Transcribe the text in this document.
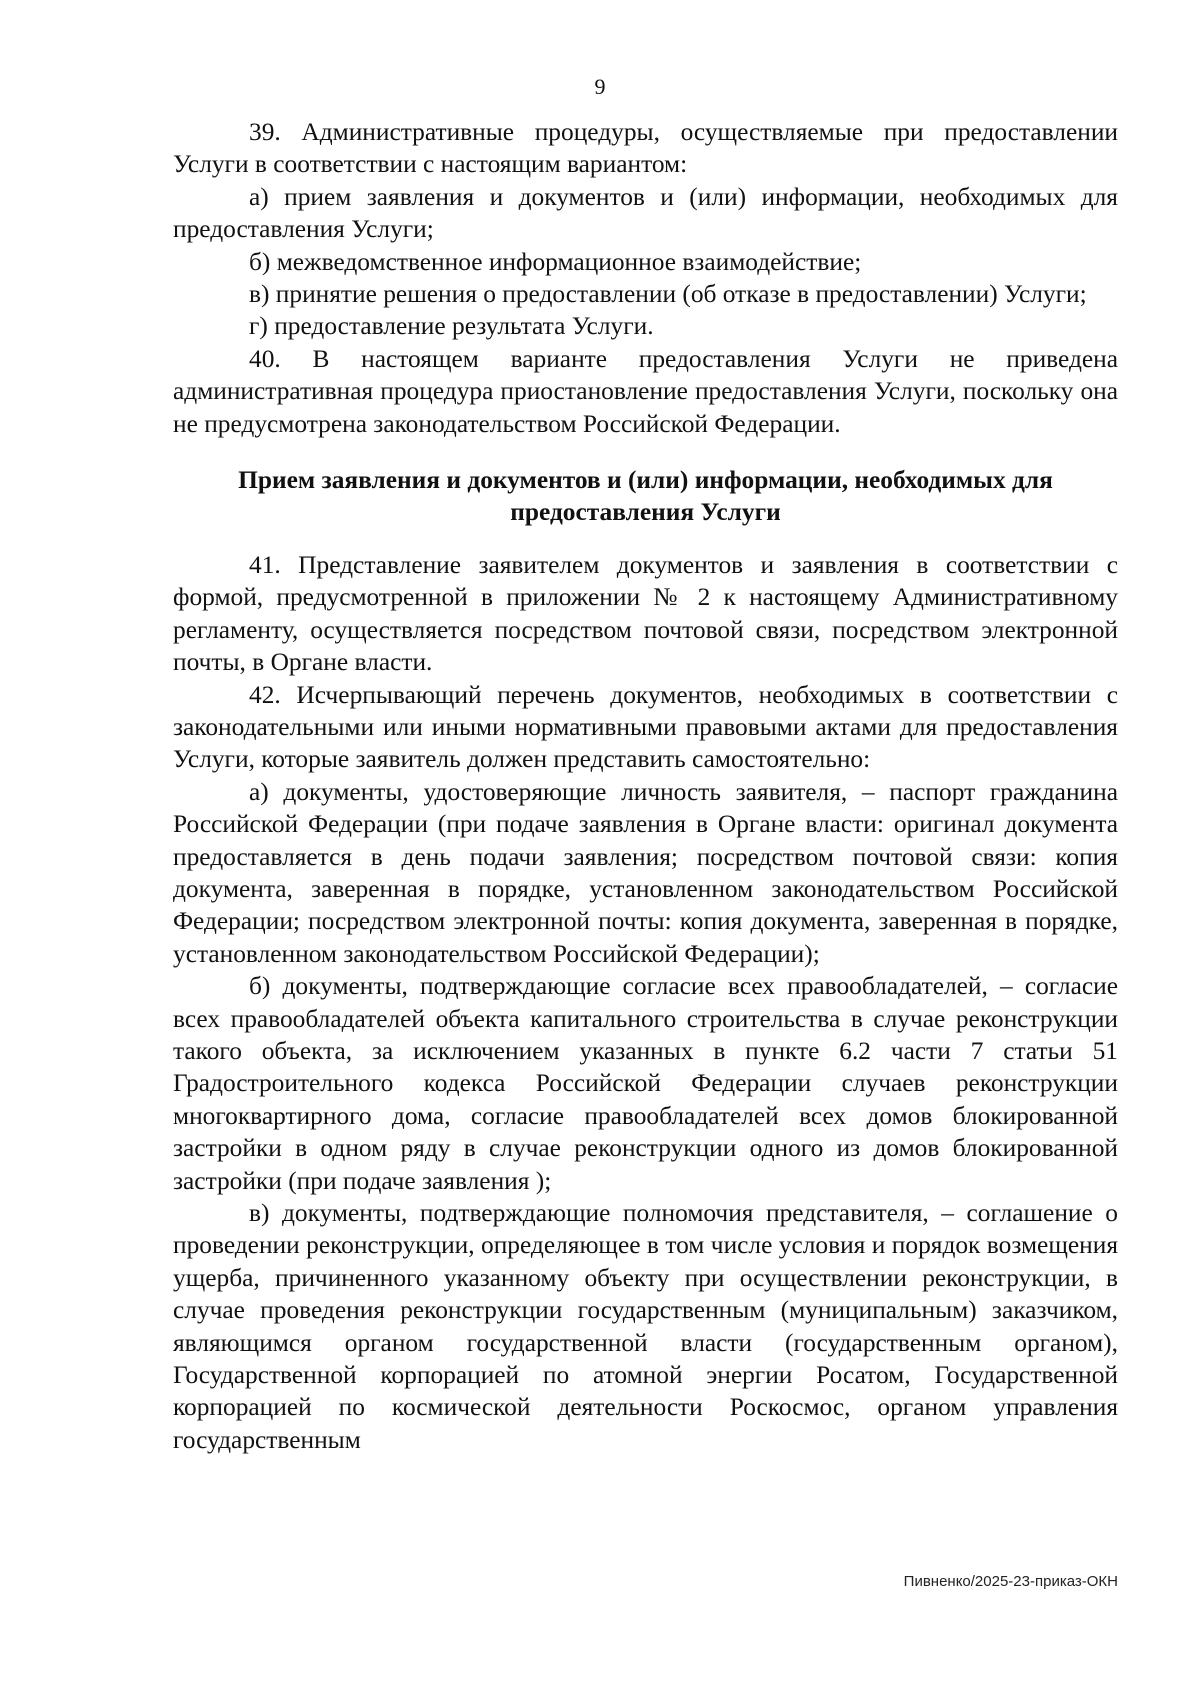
9

39. Административные процедуры, осуществляемые при предоставлении Услуги в соответствии с настоящим вариантом:

а) прием заявления и документов и (или) информации, необходимых для предоставления Услуги;

б) межведомственное информационное взаимодействие;

в) принятие решения о предоставлении (об отказе в предоставлении) Услуги;

г) предоставление результата Услуги.

40. В настоящем варианте предоставления Услуги не приведена административная процедура приостановление предоставления Услуги, поскольку она не предусмотрена законодательством Российской Федерации.

Прием заявления и документов и (или) информации, необходимых для предоставления Услуги

41. Представление заявителем документов и заявления в соответствии с формой, предусмотренной в приложении № 2 к настоящему Административному регламенту, осуществляется посредством почтовой связи, посредством электронной почты, в Органе власти.

42. Исчерпывающий перечень документов, необходимых в соответствии с законодательными или иными нормативными правовыми актами для предоставления Услуги, которые заявитель должен представить самостоятельно:

а) документы, удостоверяющие личность заявителя, – паспорт гражданина Российской Федерации (при подаче заявления в Органе власти: оригинал документа предоставляется в день подачи заявления; посредством почтовой связи: копия документа, заверенная в порядке, установленном законодательством Российской Федерации; посредством электронной почты: копия документа, заверенная в порядке, установленном законодательством Российской Федерации);

б) документы, подтверждающие согласие всех правообладателей, – согласие всех правообладателей объекта капитального строительства в случае реконструкции такого объекта, за исключением указанных в пункте 6.2 части 7 статьи 51 Градостроительного кодекса Российской Федерации случаев реконструкции многоквартирного дома, согласие правообладателей всех домов блокированной застройки в одном ряду в случае реконструкции одного из домов блокированной застройки (при подаче заявления );

в) документы, подтверждающие полномочия представителя, – соглашение о проведении реконструкции, определяющее в том числе условия и порядок возмещения ущерба, причиненного указанному объекту при осуществлении реконструкции, в случае проведения реконструкции государственным (муниципальным) заказчиком, являющимся органом государственной власти (государственным органом), Государственной корпорацией по атомной энергии Росатом, Государственной корпорацией по космической деятельности Роскосмос, органом управления государственным

Пивненко/2025-23-приказ-ОКН
